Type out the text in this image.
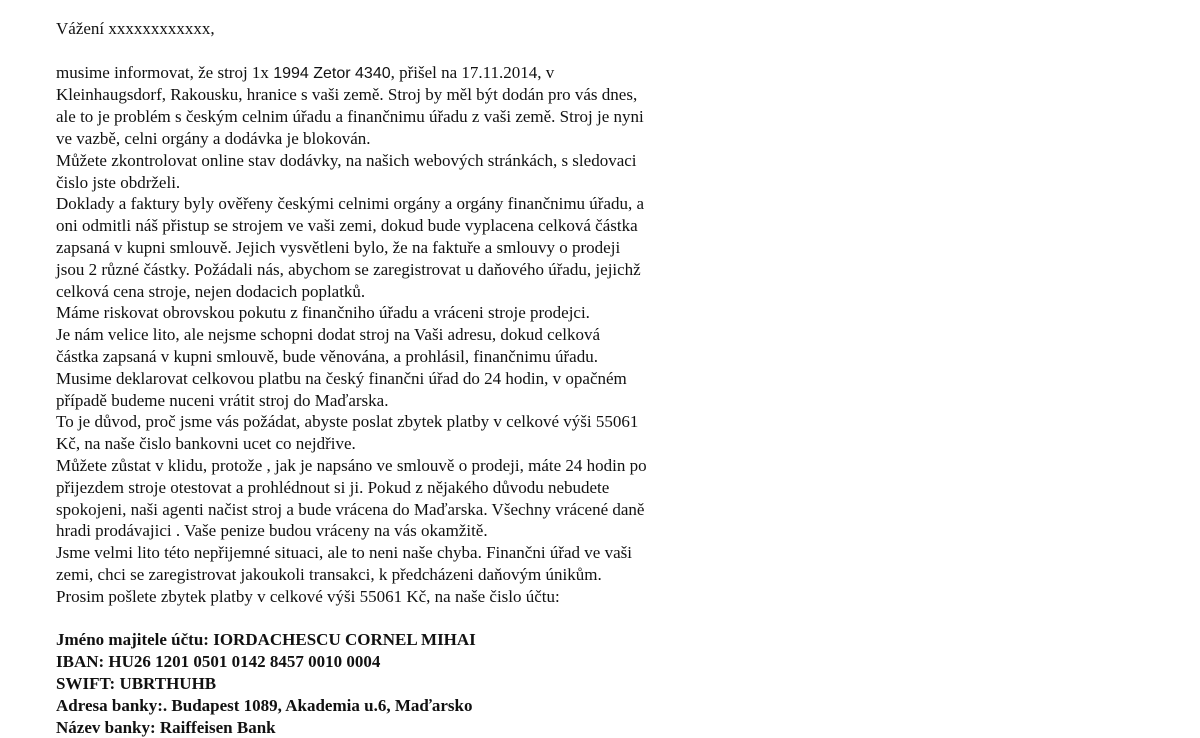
Vážení xxxxxxxxxxxx,
musime informovat, že stroj 1x 1994 Zetor 4340, přišel na 17.11.2014, v
Kleinhaugsdorf, Rakousku, hranice s vaši země. Stroj by měl být dodán pro vás dnes,
ale to je problém s českým celnim úřadu a finančnimu úřadu z vaši země. Stroj je nyni
ve vazbě, celni orgány a dodávka je blokován.
Můžete zkontrolovat online stav dodávky, na našich webových stránkách, s sledovaci
čislo jste obdrželi.
Doklady a faktury byly ověřeny českými celnimi orgány a orgány finančnimu úřadu, a
oni odmitli náš přistup se strojem ve vaši zemi, dokud bude vyplacena celková částka
zapsaná v kupni smlouvě. Jejich vysvětleni bylo, že na faktuře a smlouvy o prodeji
jsou 2 různé částky. Požádali nás, abychom se zaregistrovat u daňového úřadu, jejichž
celková cena stroje, nejen dodacich poplatků.
Máme riskovat obrovskou pokutu z finančniho úřadu a vráceni stroje prodejci.
Je nám velice lito, ale nejsme schopni dodat stroj na Vaši adresu, dokud celková
částka zapsaná v kupni smlouvě, bude věnována, a prohlásil, finančnimu úřadu.
Musime deklarovat celkovou platbu na český finančni úřad do 24 hodin, v opačném
případě budeme nuceni vrátit stroj do Maďarska.
To je důvod, proč jsme vás požádat, abyste poslat zbytek platby v celkové výši 55061
Kč, na naše čislo bankovni ucet co nejdřive.
Můžete zůstat v klidu, protože , jak je napsáno ve smlouvě o prodeji, máte 24 hodin po
přijezdem stroje otestovat a prohlédnout si ji. Pokud z nějakého důvodu nebudete
spokojeni, naši agenti načist stroj a bude vrácena do Maďarska. Všechny vrácené daně
hradi prodávajici . Vaše penize budou vráceny na vás okamžitě.
Jsme velmi lito této nepřijemné situaci, ale to neni naše chyba. Finančni úřad ve vaši
zemi, chci se zaregistrovat jakoukoli transakci, k předcházeni daňovým únikům.
Prosim pošlete zbytek platby v celkové výši 55061 Kč, na naše čislo účtu:
Jméno majitele účtu: IORDACHESCU CORNEL MIHAI
IBAN: HU26 1201 0501 0142 8457 0010 0004
SWIFT: UBRTHUHB
Adresa banky:. Budapest 1089, Akademia u.6, Maďarsko
Název banky: Raiffeisen Bank
